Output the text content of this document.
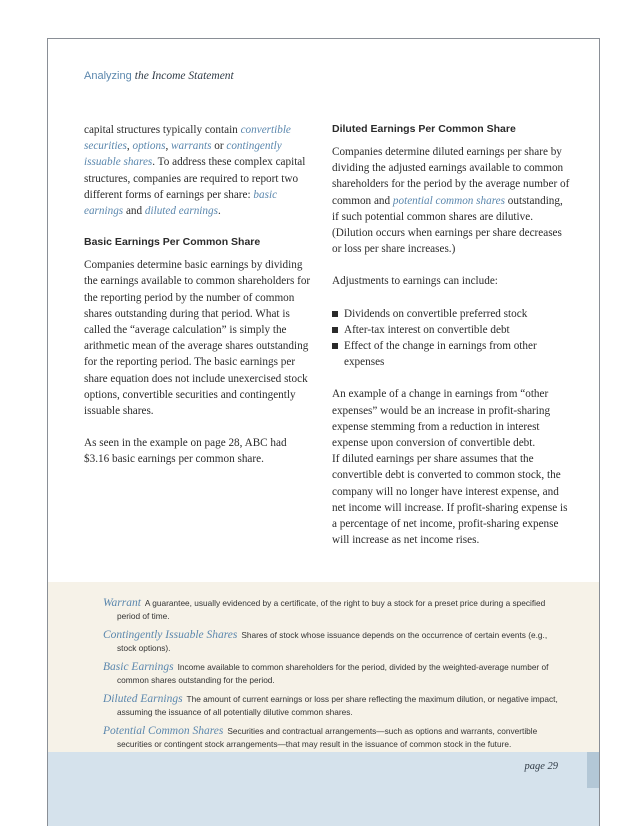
Analyzing the Income Statement

capital structures typically contain convertible securities, options, warrants or contingently issuable shares. To address these complex capital structures, companies are required to report two different forms of earnings per share: basic earnings and diluted earnings.

Basic Earnings Per Common Share

Companies determine basic earnings by dividing the earnings available to common shareholders for the reporting period by the number of common shares outstanding during that period. What is called the “average calculation” is simply the arithmetic mean of the average shares outstanding for the reporting period. The basic earnings per share equation does not include unexercised stock options, convertible securities and contingently issuable shares.

As seen in the example on page 28, ABC had $3.16 basic earnings per common share.

Diluted Earnings Per Common Share

Companies determine diluted earnings per share by dividing the adjusted earnings available to common shareholders for the period by the average number of common and potential common shares outstanding, if such potential common shares are dilutive. (Dilution occurs when earnings per share decreases or loss per share increases.)

Adjustments to earnings can include:

Dividends on convertible preferred stock
After-tax interest on convertible debt
Effect of the change in earnings from other expenses

An example of a change in earnings from “other expenses” would be an increase in profit-sharing expense stemming from a reduction in interest expense upon conversion of convertible debt.

If diluted earnings per share assumes that the convertible debt is converted to common stock, the company will no longer have interest expense, and net income will increase. If profit-sharing expense is a percentage of net income, profit-sharing expense will increase as net income rises.

Warrant A guarantee, usually evidenced by a certificate, of the right to buy a stock for a preset price during a specified period of time.
Contingently Issuable Shares Shares of stock whose issuance depends on the occurrence of certain events (e.g., stock options).
Basic Earnings Income available to common shareholders for the period, divided by the weighted-average number of common shares outstanding for the period.
Diluted Earnings The amount of current earnings or loss per share reflecting the maximum dilution, or negative impact, assuming the issuance of all potentially dilutive common shares.
Potential Common Shares Securities and contractual arrangements—such as options and warrants, convertible securities or contingent stock arrangements—that may result in the issuance of common stock in the future.
page 29
